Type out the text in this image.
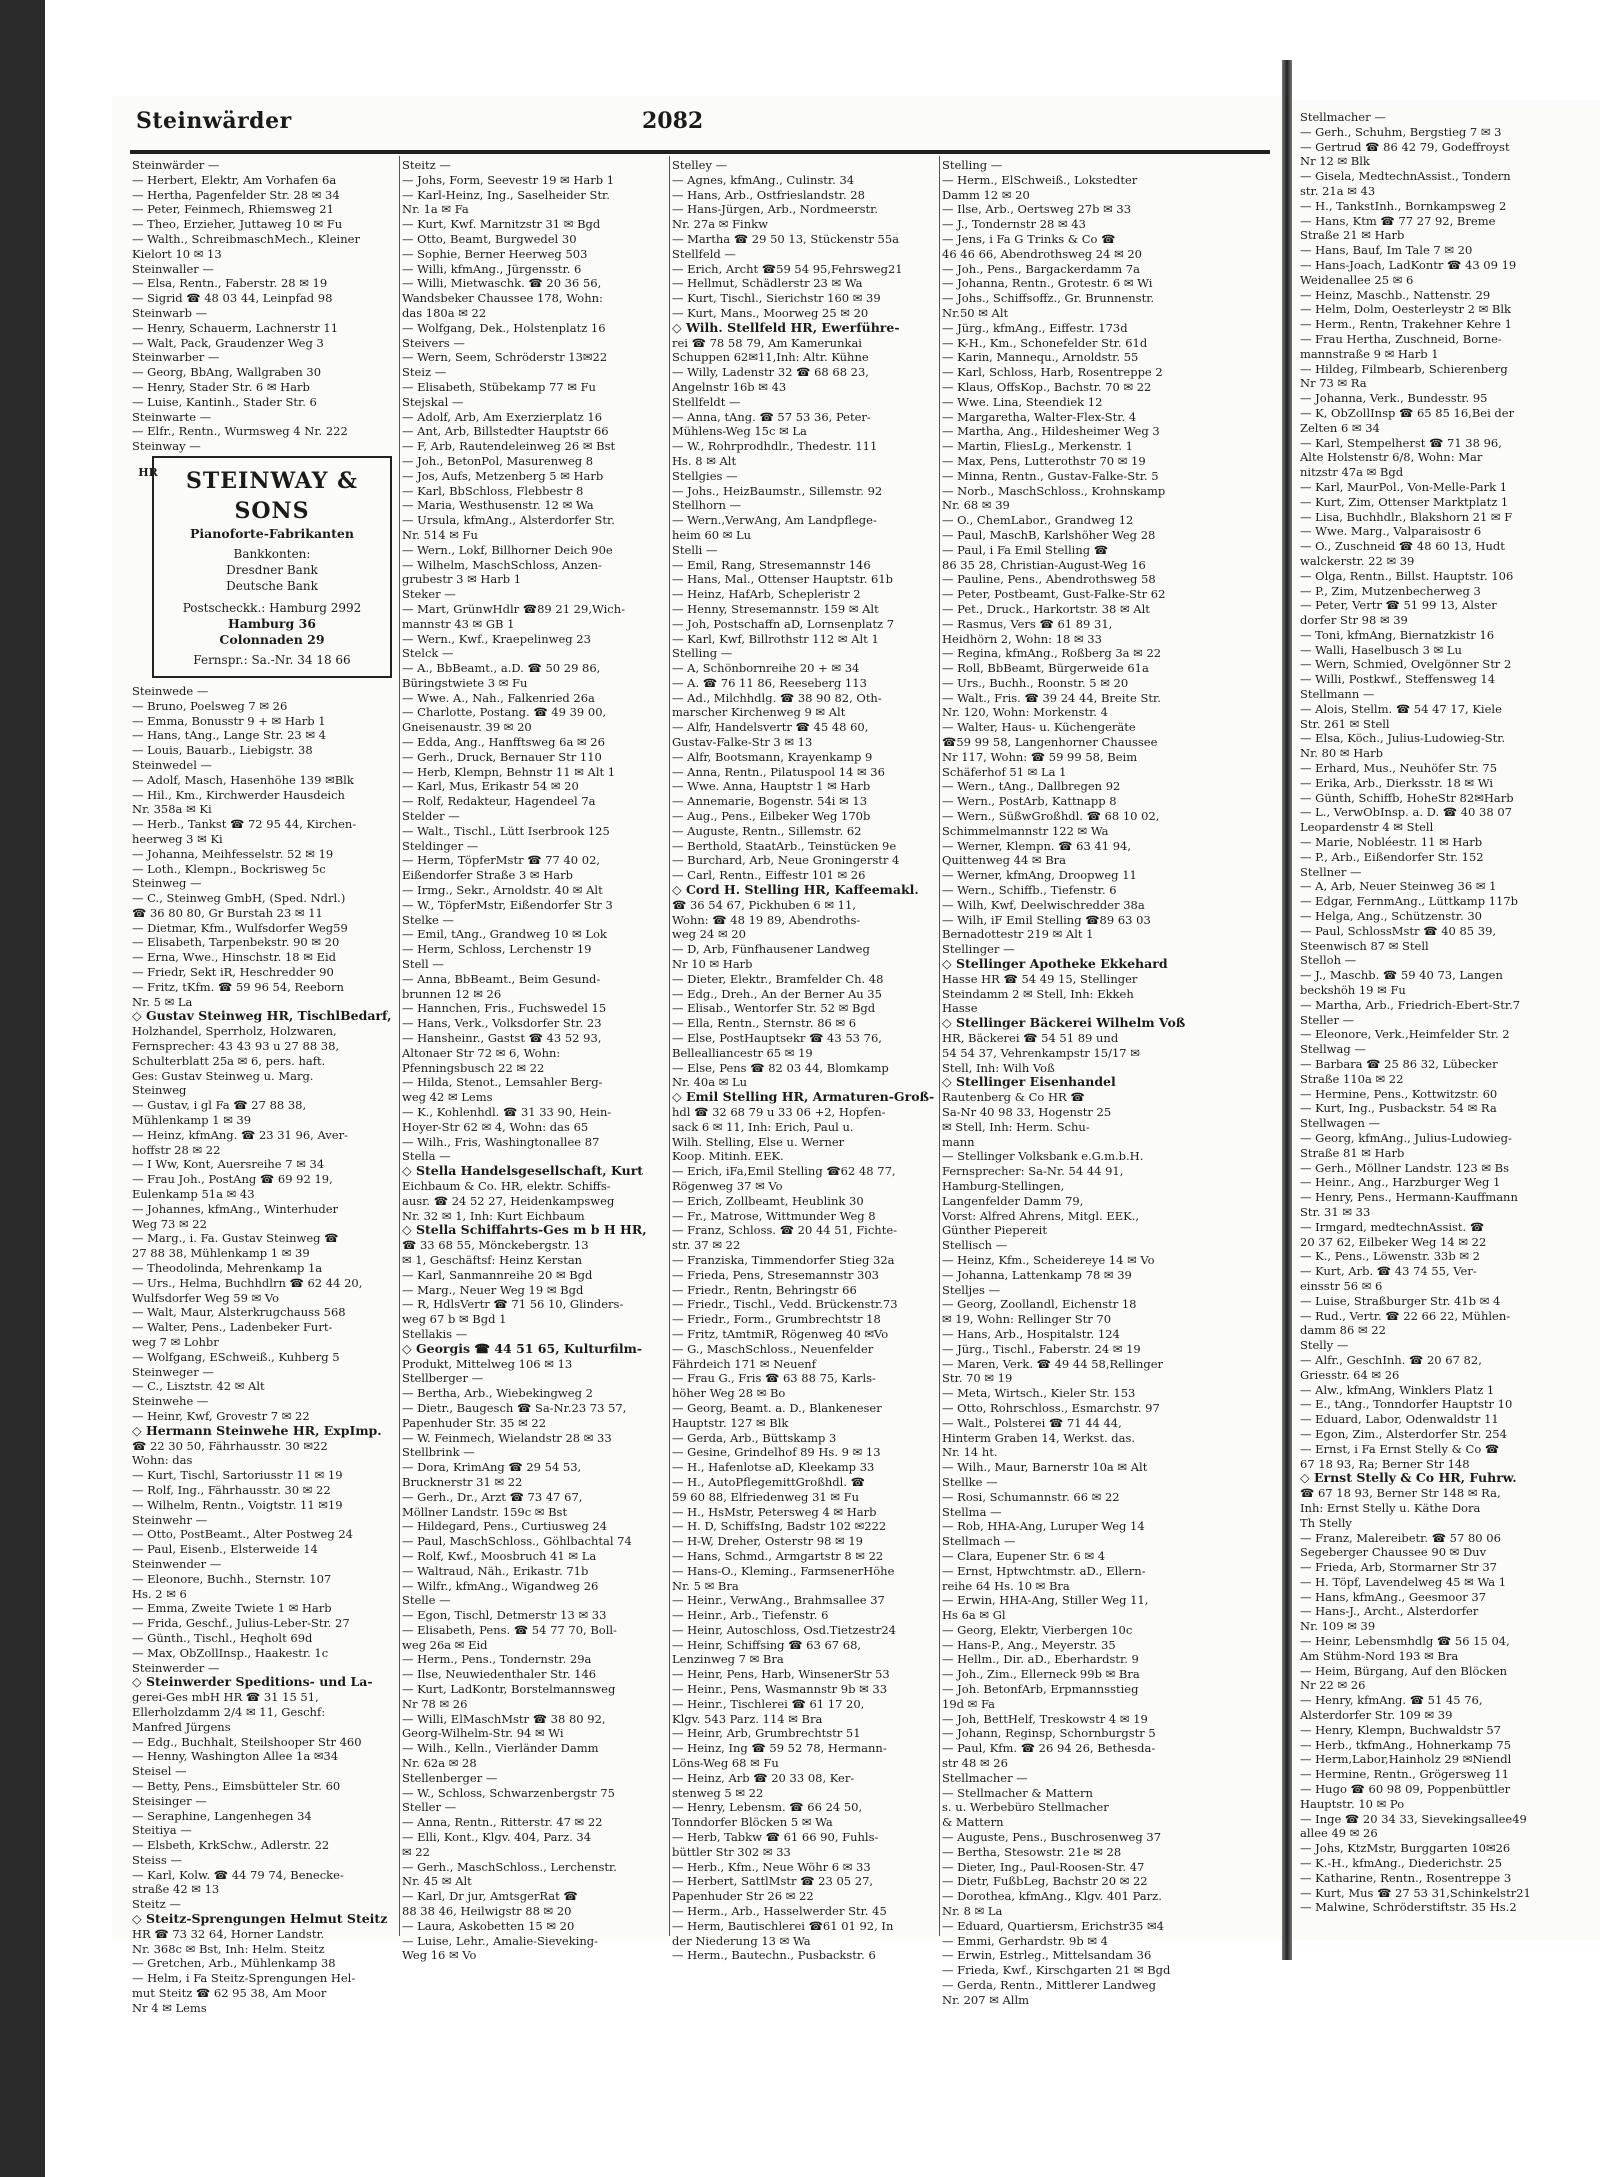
Steinwärder	2082
Steinwärder —
— Herbert, Elektr, Am Vorhafen 6a
— Hertha, Pagenfelder Str. 28 ✉ 34
— Peter, Feinmech, Rhiemsweg 21
— Theo, Erzieher, Juttaweg 10 ✉ Fu
— Walth., SchreibmaschMech., Kleiner
Kielort 10 ✉ 13
Steinwaller —
— Elsa, Rentn., Faberstr. 28 ✉ 19
— Sigrid ☎ 48 03 44, Leinpfad 98
Steinwarb —
— Henry, Schauerm, Lachnerstr 11
— Walt, Pack, Graudenzer Weg 3
Steinwarber —
— Georg, BbAng, Wallgraben 30
— Henry, Stader Str. 6 ✉ Harb
— Luise, Kantinh., Stader Str. 6
Steinwarte —
— Elfr., Rentn., Wurmsweg 4 Nr. 222
Steinway —
HR	STEINWAY & SONS
Pianoforte-Fabrikanten
Bankkonten:
Dresdner Bank
Deutsche Bank
Postscheckk.: Hamburg 2992
Hamburg 36
Colonnaden 29
Fernspr.: Sa.-Nr. 34 18 66
Steinwede —
— Bruno, Poelsweg 7 ✉ 26
— Emma, Bonusstr 9 + ✉ Harb 1
— Hans, tAng., Lange Str. 23 ✉ 4
— Louis, Bauarb., Liebigstr. 38
Steinwedel —
— Adolf, Masch, Hasenhöhe 139 ✉Blk
— Hil., Km., Kirchwerder Hausdeich
Nr. 358a ✉ Ki
— Herb., Tankst ☎ 72 95 44, Kirchen-
heerweg 3 ✉ Ki
— Johanna, Meihfesselstr. 52 ✉ 19
— Loth., Klempn., Bockrisweg 5c
Steinweg —
— C., Steinweg GmbH, (Sped. Ndrl.)
☎ 36 80 80, Gr Burstah 23 ✉ 11
— Dietmar, Kfm., Wulfsdorfer Weg59
— Elisabeth, Tarpenbekstr. 90 ✉ 20
— Erna, Wwe., Hinschstr. 18 ✉ Eid
— Friedr, Sekt iR, Heschredder 90
— Fritz, tKfm. ☎ 59 96 54, Reeborn
Nr. 5 ✉ La
◇ Gustav Steinweg HR, TischlBedarf,
Holzhandel, Sperrholz, Holzwaren,
Fernsprecher: 43 43 93 u 27 88 38,
Schulterblatt 25a ✉ 6, pers. haft.
Ges: Gustav Steinweg u. Marg.
Steinweg
— Gustav, i gl Fa ☎ 27 88 38,
Mühlenkamp 1 ✉ 39
— Heinz, kfmAng. ☎ 23 31 96, Aver-
hoffstr 28 ✉ 22
— I Ww, Kont, Auersreihe 7 ✉ 34
— Frau Joh., PostAng ☎ 69 92 19,
Eulenkamp 51a ✉ 43
— Johannes, kfmAng., Winterhuder
Weg 73 ✉ 22
— Marg., i. Fa. Gustav Steinweg ☎
27 88 38, Mühlenkamp 1 ✉ 39
— Theodolinda, Mehrenkamp 1a
— Urs., Helma, Buchhdlrn ☎ 62 44 20,
Wulfsdorfer Weg 59 ✉ Vo
— Walt, Maur, Alsterkrugchauss 568
— Walter, Pens., Ladenbeker Furt-
weg 7 ✉ Lohbr
— Wolfgang, ESchweiß., Kuhberg 5
Steinweger —
— C., Lisztstr. 42 ✉ Alt
Steinwehe —
— Heinr, Kwf, Grovestr 7 ✉ 22
◇ Hermann Steinwehe HR, ExpImp.
☎ 22 30 50, Fährhausstr. 30 ✉22
Wohn: das
— Kurt, Tischl, Sartoriusstr 11 ✉ 19
— Rolf, Ing., Fährhausstr. 30 ✉ 22
— Wilhelm, Rentn., Voigtstr. 11 ✉19
Steinwehr —
— Otto, PostBeamt., Alter Postweg 24
— Paul, Eisenb., Elsterweide 14
Steinwender —
— Eleonore, Buchh., Sternstr. 107
Hs. 2 ✉ 6
— Emma, Zweite Twiete 1 ✉ Harb
— Frida, Geschf., Julius-Leber-Str. 27
— Günth., Tischl., Heqholt 69d
— Max, ObZollInsp., Haakestr. 1c
Steinwerder —
◇ Steinwerder Speditions- und La-
gerei-Ges mbH HR ☎ 31 15 51,
Ellerholzdamm 2/4 ✉ 11, Geschf:
Manfred Jürgens
— Edg., Buchhalt, Steilshooper Str 460
— Henny, Washington Allee 1a ✉34
Steisel —
— Betty, Pens., Eimsbütteler Str. 60
Steisinger —
— Seraphine, Langenhegen 34
Steitiya —
— Elsbeth, KrkSchw., Adlerstr. 22
Steiss —
— Karl, Kolw. ☎ 44 79 74, Benecke-
straße 42 ✉ 13
Steitz —
◇ Steitz-Sprengungen Helmut Steitz
HR ☎ 73 32 64, Horner Landstr.
Nr. 368c ✉ Bst, Inh: Helm. Steitz
— Gretchen, Arb., Mühlenkamp 38
— Helm, i Fa Steitz-Sprengungen Hel-
mut Steitz ☎ 62 95 38, Am Moor
Nr 4 ✉ Lems
Steitz —
— Johs, Form, Seevestr 19 ✉ Harb 1
— Karl-Heinz, Ing., Saselheider Str.
Nr. 1a ✉ Fa
— Kurt, Kwf. Marnitzstr 31 ✉ Bgd
— Otto, Beamt, Burgwedel 30
— Sophie, Berner Heerweg 503
— Willi, kfmAng., Jürgensstr. 6
— Willi, Mietwaschk. ☎ 20 36 56,
Wandsbeker Chaussee 178, Wohn:
das 180a ✉ 22
— Wolfgang, Dek., Holstenplatz 16
Steivers —
— Wern, Seem, Schröderstr 13✉22
Steiz —
— Elisabeth, Stübekamp 77 ✉ Fu
Stejskal —
— Adolf, Arb, Am Exerzierplatz 16
— Ant, Arb, Billstedter Hauptstr 66
— F, Arb, Rautendeleinweg 26 ✉ Bst
— Joh., BetonPol, Masurenweg 8
— Jos, Aufs, Metzenberg 5 ✉ Harb
— Karl, BbSchloss, Flebbestr 8
— Maria, Westhusenstr. 12 ✉ Wa
— Ursula, kfmAng., Alsterdorfer Str.
Nr. 514 ✉ Fu
— Wern., Lokf, Billhorner Deich 90e
— Wilhelm, MaschSchloss, Anzen-
grubestr 3 ✉ Harb 1
Steker —
— Mart, GrünwHdlr ☎89 21 29,Wich-
mannstr 43 ✉ GB 1
— Wern., Kwf., Kraepelinweg 23
Stelck —
— A., BbBeamt., a.D. ☎ 50 29 86,
Büringstwiete 3 ✉ Fu
— Wwe. A., Nah., Falkenried 26a
— Charlotte, Postang. ☎ 49 39 00,
Gneisenaustr. 39 ✉ 20
— Edda, Ang., Hanfftsweg 6a ✉ 26
— Gerh., Druck, Bernauer Str 110
— Herb, Klempn, Behnstr 11 ✉ Alt 1
— Karl, Mus, Erikastr 54 ✉ 20
— Rolf, Redakteur, Hagendeel 7a
Stelder —
— Walt., Tischl., Lütt Iserbrook 125
Steldinger —
— Herm, TöpferMstr ☎ 77 40 02,
Eißendorfer Straße 3 ✉ Harb
— Irmg., Sekr., Arnoldstr. 40 ✉ Alt
— W., TöpferMstr, Eißendorfer Str 3
Stelke —
— Emil, tAng., Grandweg 10 ✉ Lok
— Herm, Schloss, Lerchenstr 19
Stell —
— Anna, BbBeamt., Beim Gesund-
brunnen 12 ✉ 26
— Hannchen, Fris., Fuchswedel 15
— Hans, Verk., Volksdorfer Str. 23
— Hansheinr., Gastst ☎ 43 52 93,
Altonaer Str 72 ✉ 6, Wohn:
Pfenningsbusch 22 ✉ 22
— Hilda, Stenot., Lemsahler Berg-
weg 42 ✉ Lems
— K., Kohlenhdl. ☎ 31 33 90, Hein-
Hoyer-Str 62 ✉ 4, Wohn: das 65
— Wilh., Fris, Washingtonallee 87
Stella —
◇ Stella Handelsgesellschaft, Kurt
Eichbaum & Co. HR, elektr. Schiffs-
ausr. ☎ 24 52 27, Heidenkampsweg
Nr. 32 ✉ 1, Inh: Kurt Eichbaum
◇ Stella Schiffahrts-Ges m b H HR,
☎ 33 68 55, Mönckebergstr. 13
✉ 1, Geschäftsf: Heinz Kerstan
— Karl, Sanmannreihe 20 ✉ Bgd
— Marg., Neuer Weg 19 ✉ Bgd
— R, HdlsVertr ☎ 71 56 10, Glinders-
weg 67 b ✉ Bgd 1
Stellakis —
◇ Georgis ☎ 44 51 65, Kulturfilm-
Produkt, Mittelweg 106 ✉ 13
Stellberger —
— Bertha, Arb., Wiebekingweg 2
— Dietr., Baugesch ☎ Sa-Nr.23 73 57,
Papenhuder Str. 35 ✉ 22
— W. Feinmech, Wielandstr 28 ✉ 33
Stellbrink —
— Dora, KrimAng ☎ 29 54 53,
Brucknerstr 31 ✉ 22
— Gerh., Dr., Arzt ☎ 73 47 67,
Möllner Landstr. 159c ✉ Bst
— Hildegard, Pens., Curtiusweg 24
— Paul, MaschSchloss., Göhlbachtal 74
— Rolf, Kwf., Moosbruch 41 ✉ La
— Waltraud, Näh., Erikastr. 71b
— Wilfr., kfmAng., Wigandweg 26
Stelle —
— Egon, Tischl, Detmerstr 13 ✉ 33
— Elisabeth, Pens. ☎ 54 77 70, Boll-
weg 26a ✉ Eid
— Herm., Pens., Tondernstr. 29a
— Ilse, Neuwiedenthaler Str. 146
— Kurt, LadKontr, Borstelmannsweg
Nr 78 ✉ 26
— Willi, ElMaschMstr ☎ 38 80 92,
Georg-Wilhelm-Str. 94 ✉ Wi
— Wilh., Kelln., Vierländer Damm
Nr. 62a ✉ 28
Stellenberger —
— W., Schloss, Schwarzenbergstr 75
Steller —
— Anna, Rentn., Ritterstr. 47 ✉ 22
— Elli, Kont., Klgv. 404, Parz. 34
✉ 22
— Gerh., MaschSchloss., Lerchenstr.
Nr. 45 ✉ Alt
— Karl, Dr jur, AmtsgerRat ☎
88 38 46, Heilwigstr 88 ✉ 20
— Laura, Askobetten 15 ✉ 20
— Luise, Lehr., Amalie-Sieveking-
Weg 16 ✉ Vo
Stelley —
— Agnes, kfmAng., Culinstr. 34
— Hans, Arb., Ostfrieslandstr. 28
— Hans-Jürgen, Arb., Nordmeerstr.
Nr. 27a ✉ Finkw
— Martha ☎ 29 50 13, Stückenstr 55a
Stellfeld —
— Erich, Archt ☎59 54 95,Fehrsweg21
— Hellmut, Schädlerstr 23 ✉ Wa
— Kurt, Tischl., Sierichstr 160 ✉ 39
— Kurt, Mans., Moorweg 25 ✉ 20
◇ Wilh. Stellfeld HR, Ewerführe-
rei ☎ 78 58 79, Am Kamerunkai
Schuppen 62✉11,Inh: Altr. Kühne
— Willy, Ladenstr 32 ☎ 68 68 23,
Angelnstr 16b ✉ 43
Stellfeldt —
— Anna, tAng. ☎ 57 53 36, Peter-
Mühlens-Weg 15c ✉ La
— W., Rohrprodhdlr., Thedestr. 111
Hs. 8 ✉ Alt
Stellgies —
— Johs., HeizBaumstr., Sillemstr. 92
Stellhorn —
— Wern.,VerwAng, Am Landpflege-
heim 60 ✉ Lu
Stelli —
— Emil, Rang, Stresemannstr 146
— Hans, Mal., Ottenser Hauptstr. 61b
— Heinz, HafArb, Schepleristr 2
— Henny, Stresemannstr. 159 ✉ Alt
— Joh, Postschaffn aD, Lornsenplatz 7
— Karl, Kwf, Billrothstr 112 ✉ Alt 1
Stelling —
— A, Schönbornreihe 20 + ✉ 34
— A. ☎ 76 11 86, Reeseberg 113
— Ad., Milchhdlg. ☎ 38 90 82, Oth-
marscher Kirchenweg 9 ✉ Alt
— Alfr, Handelsvertr ☎ 45 48 60,
Gustav-Falke-Str 3 ✉ 13
— Alfr, Bootsmann, Krayenkamp 9
— Anna, Rentn., Pilatuspool 14 ✉ 36
— Wwe. Anna, Hauptstr 1 ✉ Harb
— Annemarie, Bogenstr. 54i ✉ 13
— Aug., Pens., Eilbeker Weg 170b
— Auguste, Rentn., Sillemstr. 62
— Berthold, StaatArb., Teinstücken 9e
— Burchard, Arb, Neue Groningerstr 4
— Carl, Rentn., Eiffestr 101 ✉ 26
◇ Cord H. Stelling HR, Kaffeemakl.
☎ 36 54 67, Pickhuben 6 ✉ 11,
Wohn: ☎ 48 19 89, Abendroths-
weg 24 ✉ 20
— D, Arb, Fünfhausener Landweg
Nr 10 ✉ Harb
— Dieter, Elektr., Bramfelder Ch. 48
— Edg., Dreh., An der Berner Au 35
— Elisab., Wentorfer Str. 52 ✉ Bgd
— Ella, Rentn., Sternstr. 86 ✉ 6
— Else, PostHauptsekr ☎ 43 53 76,
Bellealliancestr 65 ✉ 19
— Else, Pens ☎ 82 03 44, Blomkamp
Nr. 40a ✉ Lu
◇ Emil Stelling HR, Armaturen-Groß-
hdl ☎ 32 68 79 u 33 06 +2, Hopfen-
sack 6 ✉ 11, Inh: Erich, Paul u.
Wilh. Stelling, Else u. Werner
Koop. Mitinh. EEK.
— Erich, iFa,Emil Stelling ☎62 48 77,
Rögenweg 37 ✉ Vo
— Erich, Zollbeamt, Heublink 30
— Fr., Matrose, Wittmunder Weg 8
— Franz, Schloss. ☎ 20 44 51, Fichte-
str. 37 ✉ 22
— Franziska, Timmendorfer Stieg 32a
— Frieda, Pens, Stresemannstr 303
— Friedr., Rentn, Behringstr 66
— Friedr., Tischl., Vedd. Brückenstr.73
— Friedr., Form., Grumbrechtstr 18
— Fritz, tAmtmiR, Rögenweg 40 ✉Vo
— G., MaschSchloss., Neuenfelder
Fährdeich 171 ✉ Neuenf
— Frau G., Fris ☎ 63 88 75, Karls-
höher Weg 28 ✉ Bo
— Georg, Beamt. a. D., Blankeneser
Hauptstr. 127 ✉ Blk
— Gerda, Arb., Büttskamp 3
— Gesine, Grindelhof 89 Hs. 9 ✉ 13
— H., Hafenlotse aD, Kleekamp 33
— H., AutoPflegemittGroßhdl. ☎
59 60 88, Elfriedenweg 31 ✉ Fu
— H., HsMstr, Petersweg 4 ✉ Harb
— H. D, SchiffsIng, Badstr 102 ✉222
— H-W, Dreher, Osterstr 98 ✉ 19
— Hans, Schmd., Armgartstr 8 ✉ 22
— Hans-O., Kleming., FarmsenerHöhe
Nr. 5 ✉ Bra
— Heinr., VerwAng., Brahmsallee 37
— Heinr., Arb., Tiefenstr. 6
— Heinr, Autoschloss, Osd.Tietzestr24
— Heinr, Schiffsing ☎ 63 67 68,
Lenzinweg 7 ✉ Bra
— Heinr, Pens, Harb, WinsenerStr 53
— Heinr., Pens, Wasmannstr 9b ✉ 33
— Heinr., Tischlerei ☎ 61 17 20,
Klgv. 543 Parz. 114 ✉ Bra
— Heinr, Arb, Grumbrechtstr 51
— Heinz, Ing ☎ 59 52 78, Hermann-
Löns-Weg 68 ✉ Fu
— Heinz, Arb ☎ 20 33 08, Ker-
stenweg 5 ✉ 22
— Henry, Lebensm. ☎ 66 24 50,
Tonndorfer Blöcken 5 ✉ Wa
— Herb, Tabkw ☎ 61 66 90, Fuhls-
büttler Str 302 ✉ 33
— Herb., Kfm., Neue Wöhr 6 ✉ 33
— Herbert, SattlMstr ☎ 23 05 27,
Papenhuder Str 26 ✉ 22
— Herm., Arb., Hasselwerder Str. 45
— Herm, Bautischlerei ☎61 01 92, In
der Niederung 13 ✉ Wa
— Herm., Bautechn., Pusbackstr. 6
Stelling —
— Herm., ElSchweiß., Lokstedter
Damm 12 ✉ 20
— Ilse, Arb., Oertsweg 27b ✉ 33
— J., Tondernstr 28 ✉ 43
— Jens, i Fa G Trinks & Co ☎
46 46 66, Abendrothsweg 24 ✉ 20
— Joh., Pens., Bargackerdamm 7a
— Johanna, Rentn., Grotestr. 6 ✉ Wi
— Johs., Schiffsoffz., Gr. Brunnenstr.
Nr.50 ✉ Alt
— Jürg., kfmAng., Eiffestr. 173d
— K-H., Km., Schonefelder Str. 61d
— Karin, Mannequ., Arnoldstr. 55
— Karl, Schloss, Harb, Rosentreppe 2
— Klaus, OffsKop., Bachstr. 70 ✉ 22
— Wwe. Lina, Steendiek 12
— Margaretha, Walter-Flex-Str. 4
— Martha, Ang., Hildesheimer Weg 3
— Martin, FliesLg., Merkenstr. 1
— Max, Pens, Lutterothstr 70 ✉ 19
— Minna, Rentn., Gustav-Falke-Str. 5
— Norb., MaschSchloss., Krohnskamp
Nr. 68 ✉ 39
— O., ChemLabor., Grandweg 12
— Paul, MaschB, Karlshöher Weg 28
— Paul, i Fa Emil Stelling ☎
86 35 28, Christian-August-Weg 16
— Pauline, Pens., Abendrothsweg 58
— Peter, Postbeamt, Gust-Falke-Str 62
— Pet., Druck., Harkortstr. 38 ✉ Alt
— Rasmus, Vers ☎ 61 89 31,
Heidhörn 2, Wohn: 18 ✉ 33
— Regina, kfmAng., Roßberg 3a ✉ 22
— Roll, BbBeamt, Bürgerweide 61a
— Urs., Buchh., Roonstr. 5 ✉ 20
— Walt., Fris. ☎ 39 24 44, Breite Str.
Nr. 120, Wohn: Morkenstr. 4
— Walter, Haus- u. Küchengeräte
☎59 99 58, Langenhorner Chaussee
Nr 117, Wohn: ☎ 59 99 58, Beim
Schäferhof 51 ✉ La 1
— Wern., tAng., Dallbregen 92
— Wern., PostArb, Kattnapp 8
— Wern., SüßwGroßhdl. ☎ 68 10 02,
Schimmelmannstr 122 ✉ Wa
— Werner, Klempn. ☎ 63 41 94,
Quittenweg 44 ✉ Bra
— Werner, kfmAng, Droopweg 11
— Wern., Schiffb., Tiefenstr. 6
— Wilh, Kwf, Deelwischredder 38a
— Wilh, iF Emil Stelling ☎89 63 03
Bernadottestr 219 ✉ Alt 1
Stellinger —
◇ Stellinger Apotheke Ekkehard
Hasse HR ☎ 54 49 15, Stellinger
Steindamm 2 ✉ Stell, Inh: Ekkeh
Hasse
◇ Stellinger Bäckerei Wilhelm Voß
HR, Bäckerei ☎ 54 51 89 und
54 54 37, Vehrenkampstr 15/17 ✉
Stell, Inh: Wilh Voß
◇ Stellinger Eisenhandel
Rautenberg & Co HR ☎
Sa-Nr 40 98 33, Hogenstr 25
✉ Stell, Inh: Herm. Schu-
mann
— Stellinger Volksbank e.G.m.b.H.
Fernsprecher: Sa-Nr. 54 44 91,
Hamburg-Stellingen,
Langenfelder Damm 79,
Vorst: Alfred Ahrens, Mitgl. EEK.,
Günther Piepereit
Stellisch —
— Heinz, Kfm., Scheidereye 14 ✉ Vo
— Johanna, Lattenkamp 78 ✉ 39
Stelljes —
— Georg, Zoollandl, Eichenstr 18
✉ 19, Wohn: Rellinger Str 70
— Hans, Arb., Hospitalstr. 124
— Jürg., Tischl., Faberstr. 24 ✉ 19
— Maren, Verk. ☎ 49 44 58,Rellinger
Str. 70 ✉ 19
— Meta, Wirtsch., Kieler Str. 153
— Otto, Rohrschloss., Esmarchstr. 97
— Walt., Polsterei ☎ 71 44 44,
Hinterm Graben 14, Werkst. das.
Nr. 14 ht.
— Wilh., Maur, Barnerstr 10a ✉ Alt
Stellke —
— Rosi, Schumannstr. 66 ✉ 22
Stellma —
— Rob, HHA-Ang, Luruper Weg 14
Stellmach —
— Clara, Eupener Str. 6 ✉ 4
— Ernst, Hptwchtmstr. aD., Ellern-
reihe 64 Hs. 10 ✉ Bra
— Erwin, HHA-Ang, Stiller Weg 11,
Hs 6a ✉ Gl
— Georg, Elektr, Vierbergen 10c
— Hans-P., Ang., Meyerstr. 35
— Hellm., Dir. aD., Eberhardstr. 9
— Joh., Zim., Ellerneck 99b ✉ Bra
— Joh. BetonfArb, Erpmannsstieg
19d ✉ Fa
— Joh, BettHelf, Treskowstr 4 ✉ 19
— Johann, Reginsp, Schornburgstr 5
— Paul, Kfm. ☎ 26 94 26, Bethesda-
str 48 ✉ 26
Stellmacher —
— Stellmacher & Mattern
s. u. Werbebüro Stellmacher
& Mattern
— Auguste, Pens., Buschrosenweg 37
— Bertha, Stesowstr. 21e ✉ 28
— Dieter, Ing., Paul-Roosen-Str. 47
— Dietr, FußbLeg, Bachstr 20 ✉ 22
— Dorothea, kfmAng., Klgv. 401 Parz.
Nr. 8 ✉ La
— Eduard, Quartiersm, Erichstr35 ✉4
— Emmi, Gerhardstr. 9b ✉ 4
— Erwin, Estrleg., Mittelsandam 36
— Frieda, Kwf., Kirschgarten 21 ✉ Bgd
— Gerda, Rentn., Mittlerer Landweg
Nr. 207 ✉ Allm
Stellmacher —
— Gerh., Schuhm, Bergstieg 7 ✉ 3
— Gertrud ☎ 86 42 79, Godeffroyst
Nr 12 ✉ Blk
— Gisela, MedtechnAssist., Tondern
str. 21a ✉ 43
— H., TankstInh., Bornkampsweg 2
— Hans, Ktm ☎ 77 27 92, Breme
Straße 21 ✉ Harb
— Hans, Bauf, Im Tale 7 ✉ 20
— Hans-Joach, LadKontr ☎ 43 09 19
Weidenallee 25 ✉ 6
— Heinz, Maschb., Nattenstr. 29
— Helm, Dolm, Oesterleystr 2 ✉ Blk
— Herm., Rentn, Trakehner Kehre 1
— Frau Hertha, Zuschneid, Borne-
mannstraße 9 ✉ Harb 1
— Hildeg, Filmbearb, Schierenberg
Nr 73 ✉ Ra
— Johanna, Verk., Bundesstr. 95
— K, ObZollInsp ☎ 65 85 16,Bei der
Zelten 6 ✉ 34
— Karl, Stempelherst ☎ 71 38 96,
Alte Holstenstr 6/8, Wohn: Mar
nitzstr 47a ✉ Bgd
— Karl, MaurPol., Von-Melle-Park 1
— Kurt, Zim, Ottenser Marktplatz 1
— Lisa, Buchhdlr., Blakshorn 21 ✉ F
— Wwe. Marg., Valparaisostr 6
— O., Zuschneid ☎ 48 60 13, Hudt
walckerstr. 22 ✉ 39
— Olga, Rentn., Billst. Hauptstr. 106
— P., Zim, Mutzenbecherweg 3
— Peter, Vertr ☎ 51 99 13, Alster
dorfer Str 98 ✉ 39
— Toni, kfmAng, Biernatzkistr 16
— Walli, Haselbusch 3 ✉ Lu
— Wern, Schmied, Ovelgönner Str 2
— Willi, Postkwf., Steffensweg 14
Stellmann —
— Alois, Stellm. ☎ 54 47 17, Kiele
Str. 261 ✉ Stell
— Elsa, Köch., Julius-Ludowieg-Str.
Nr. 80 ✉ Harb
— Erhard, Mus., Neuhöfer Str. 75
— Erika, Arb., Dierksstr. 18 ✉ Wi
— Günth, Schiffb, HoheStr 82✉Harb
— L., VerwObInsp. a. D. ☎ 40 38 07
Leopardenstr 4 ✉ Stell
— Marie, Nobléestr. 11 ✉ Harb
— P., Arb., Eißendorfer Str. 152
Stellner —
— A, Arb, Neuer Steinweg 36 ✉ 1
— Edgar, FernmAng., Lüttkamp 117b
— Helga, Ang., Schützenstr. 30
— Paul, SchlossMstr ☎ 40 85 39,
Steenwisch 87 ✉ Stell
Stelloh —
— J., Maschb. ☎ 59 40 73, Langen
beckshöh 19 ✉ Fu
— Martha, Arb., Friedrich-Ebert-Str.7
Steller —
— Eleonore, Verk.,Heimfelder Str. 2
Stellwag —
— Barbara ☎ 25 86 32, Lübecker
Straße 110a ✉ 22
— Hermine, Pens., Kottwitzstr. 60
— Kurt, Ing., Pusbackstr. 54 ✉ Ra
Stellwagen —
— Georg, kfmAng., Julius-Ludowieg-
Straße 81 ✉ Harb
— Gerh., Möllner Landstr. 123 ✉ Bs
— Heinr., Ang., Harzburger Weg 1
— Henry, Pens., Hermann-Kauffmann
Str. 31 ✉ 33
— Irmgard, medtechnAssist. ☎
20 37 62, Eilbeker Weg 14 ✉ 22
— K., Pens., Löwenstr. 33b ✉ 2
— Kurt, Arb. ☎ 43 74 55, Ver-
einsstr 56 ✉ 6
— Luise, Straßburger Str. 41b ✉ 4
— Rud., Vertr. ☎ 22 66 22, Mühlen-
damm 86 ✉ 22
Stelly —
— Alfr., GeschInh. ☎ 20 67 82,
Griesstr. 64 ✉ 26
— Alw., kfmAng, Winklers Platz 1
— E., tAng., Tonndorfer Hauptstr 10
— Eduard, Labor, Odenwaldstr 11
— Egon, Zim., Alsterdorfer Str. 254
— Ernst, i Fa Ernst Stelly & Co ☎
67 18 93, Ra; Berner Str 148
◇ Ernst Stelly & Co HR, Fuhrw.
☎ 67 18 93, Berner Str 148 ✉ Ra,
Inh: Ernst Stelly u. Käthe Dora
Th Stelly
— Franz, Malereibetr. ☎ 57 80 06
Segeberger Chaussee 90 ✉ Duv
— Frieda, Arb, Stormarner Str 37
— H. Töpf, Lavendelweg 45 ✉ Wa 1
— Hans, kfmAng., Geesmoor 37
— Hans-J., Archt., Alsterdorfer
Nr. 109 ✉ 39
— Heinr, Lebensmhdlg ☎ 56 15 04,
Am Stühm-Nord 193 ✉ Bra
— Heim, Bürgang, Auf den Blöcken
Nr 22 ✉ 26
— Henry, kfmAng. ☎ 51 45 76,
Alsterdorfer Str. 109 ✉ 39
— Henry, Klempn, Buchwaldstr 57
— Herb., tkfmAng., Hohnerkamp 75
— Herm,Labor,Hainholz 29 ✉Niendl
— Hermine, Rentn., Grögersweg 11
— Hugo ☎ 60 98 09, Poppenbüttler
Hauptstr. 10 ✉ Po
— Inge ☎ 20 34 33, Sievekingsallee49
allee 49 ✉ 26
— Johs, KtzMstr, Burggarten 10✉26
— K.-H., kfmAng., Diederichstr. 25
— Katharine, Rentn., Rosentreppe 3
— Kurt, Mus ☎ 27 53 31,Schinkelstr21
— Malwine, Schröderstiftstr. 35 Hs.2
